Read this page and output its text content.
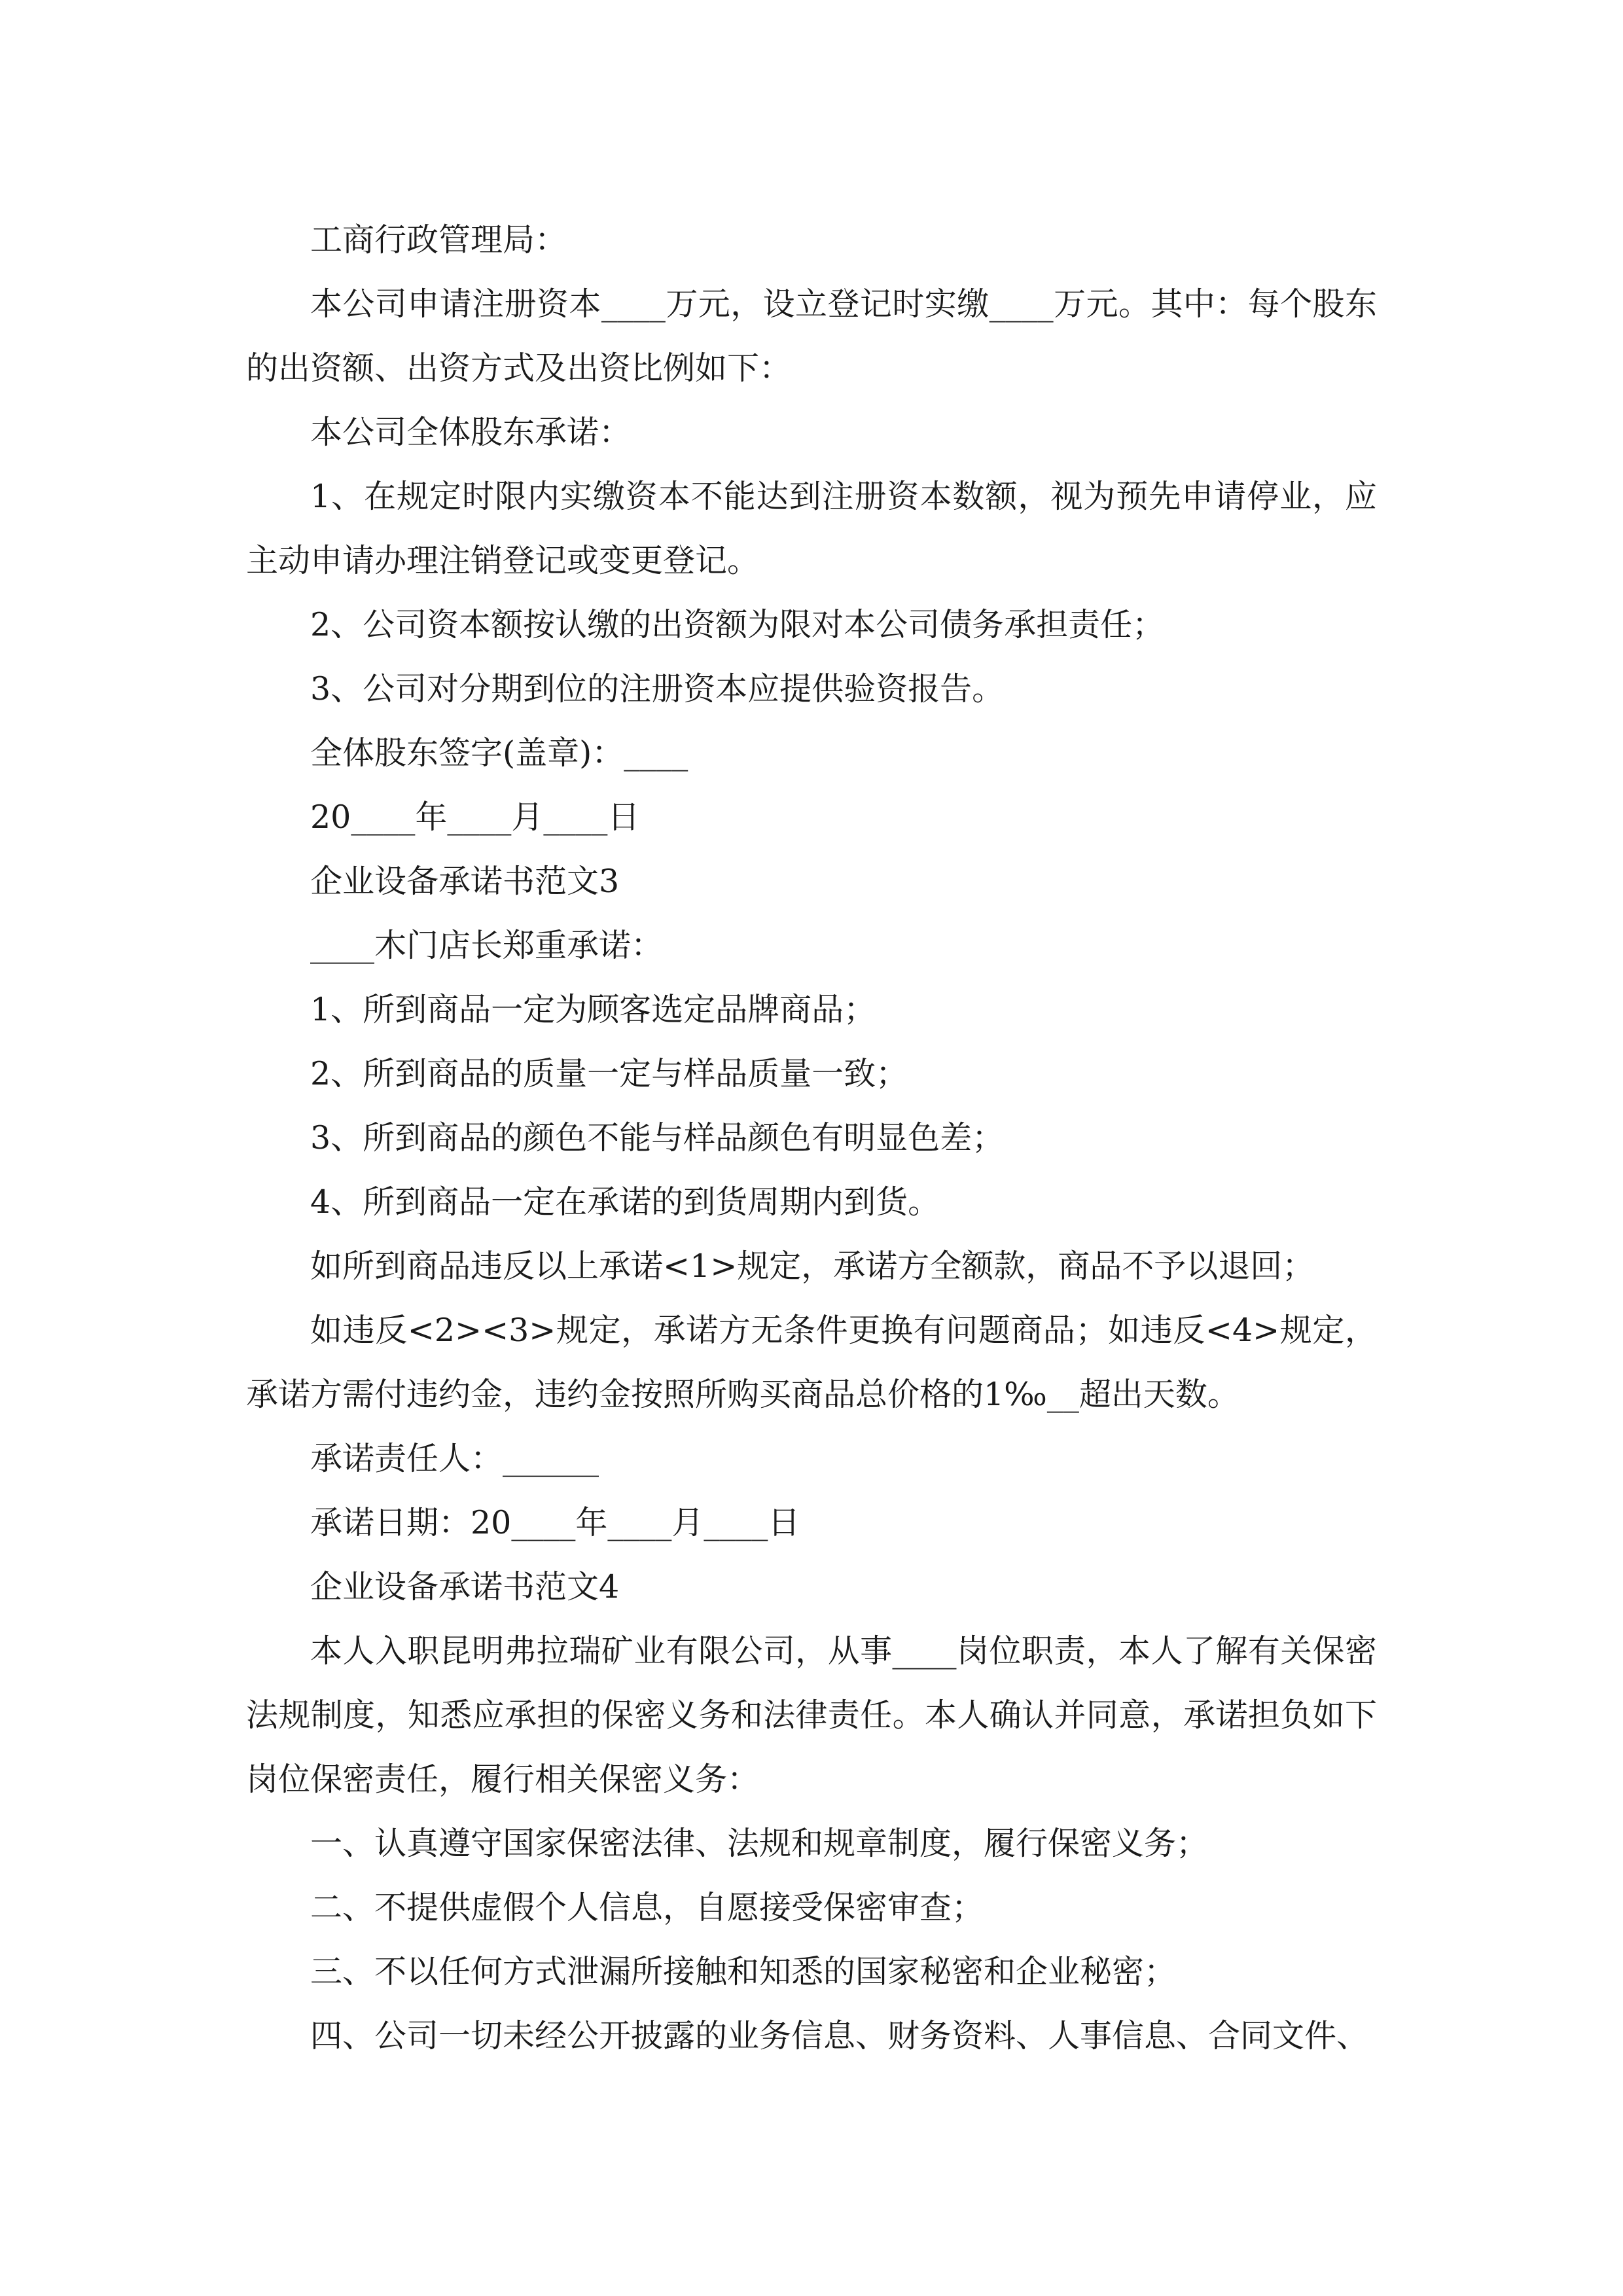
工商行政管理局：

本公司申请注册资本____万元，设立登记时实缴____万元。其中：每个股东的出资额、出资方式及出资比例如下：

本公司全体股东承诺：

1、在规定时限内实缴资本不能达到注册资本数额，视为预先申请停业，应主动申请办理注销登记或变更登记。

2、公司资本额按认缴的出资额为限对本公司债务承担责任；

3、公司对分期到位的注册资本应提供验资报告。

全体股东签字(盖章)：____

20____年____月____日

企业设备承诺书范文3

____木门店长郑重承诺：

1、所到商品一定为顾客选定品牌商品；

2、所到商品的质量一定与样品质量一致；

3、所到商品的颜色不能与样品颜色有明显色差；

4、所到商品一定在承诺的到货周期内到货。

如所到商品违反以上承诺<1>规定，承诺方全额款，商品不予以退回；

如违反<2><3>规定，承诺方无条件更换有问题商品；如违反<4>规定，承诺方需付违约金，违约金按照所购买商品总价格的1‰__超出天数。

承诺责任人：______

承诺日期：20____年____月____日

企业设备承诺书范文4

本人入职昆明弗拉瑞矿业有限公司，从事____岗位职责，本人了解有关保密法规制度，知悉应承担的保密义务和法律责任。本人确认并同意，承诺担负如下岗位保密责任，履行相关保密义务：

一、认真遵守国家保密法律、法规和规章制度，履行保密义务；

二、不提供虚假个人信息，自愿接受保密审查；

三、不以任何方式泄漏所接触和知悉的国家秘密和企业秘密；

四、公司一切未经公开披露的业务信息、财务资料、人事信息、合同文件、
